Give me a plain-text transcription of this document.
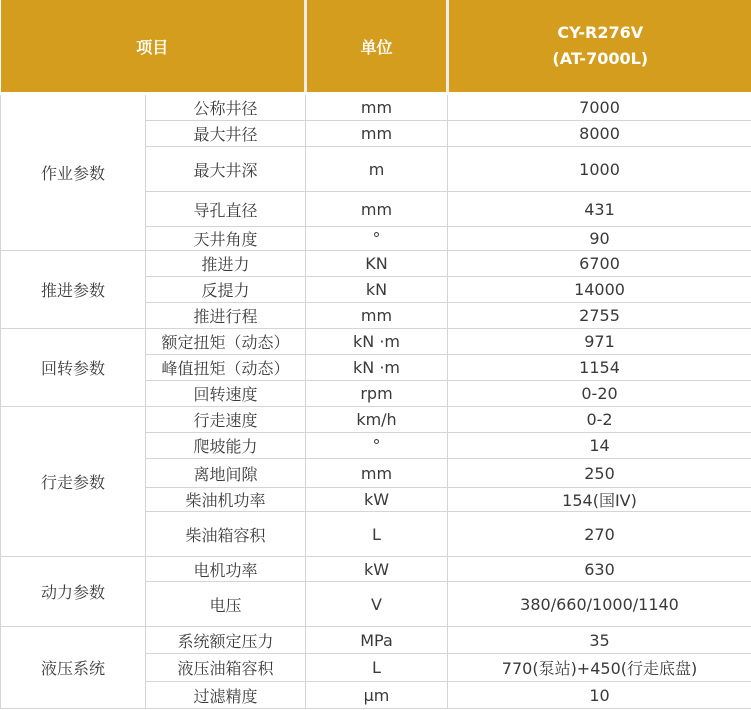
项目		单位	CY-R276V
(AT-7000L)

作业参数	公称井径	mm	7000
	最大井径	mm	8000
	最大井深	m	1000
	导孔直径	mm	431
	天井角度	°	90
推进参数	推进力	KN	6700
	反提力	kN	14000
	推进行程	mm	2755
回转参数	额定扭矩（动态）	kN ·m	971
	峰值扭矩（动态）	kN ·m	1154
	回转速度	rpm	0-20
行走参数	行走速度	km/h	0-2
	爬坡能力	°	14
	离地间隙	mm	250
	柴油机功率	kW	154(国IV)
	柴油箱容积	L	270
动力参数	电机功率	kW	630
	电压	V	380/660/1000/1140
液压系统	系统额定压力	MPa	35
	液压油箱容积	L	770(泵站)+450(行走底盘)
	过滤精度	μm	10
